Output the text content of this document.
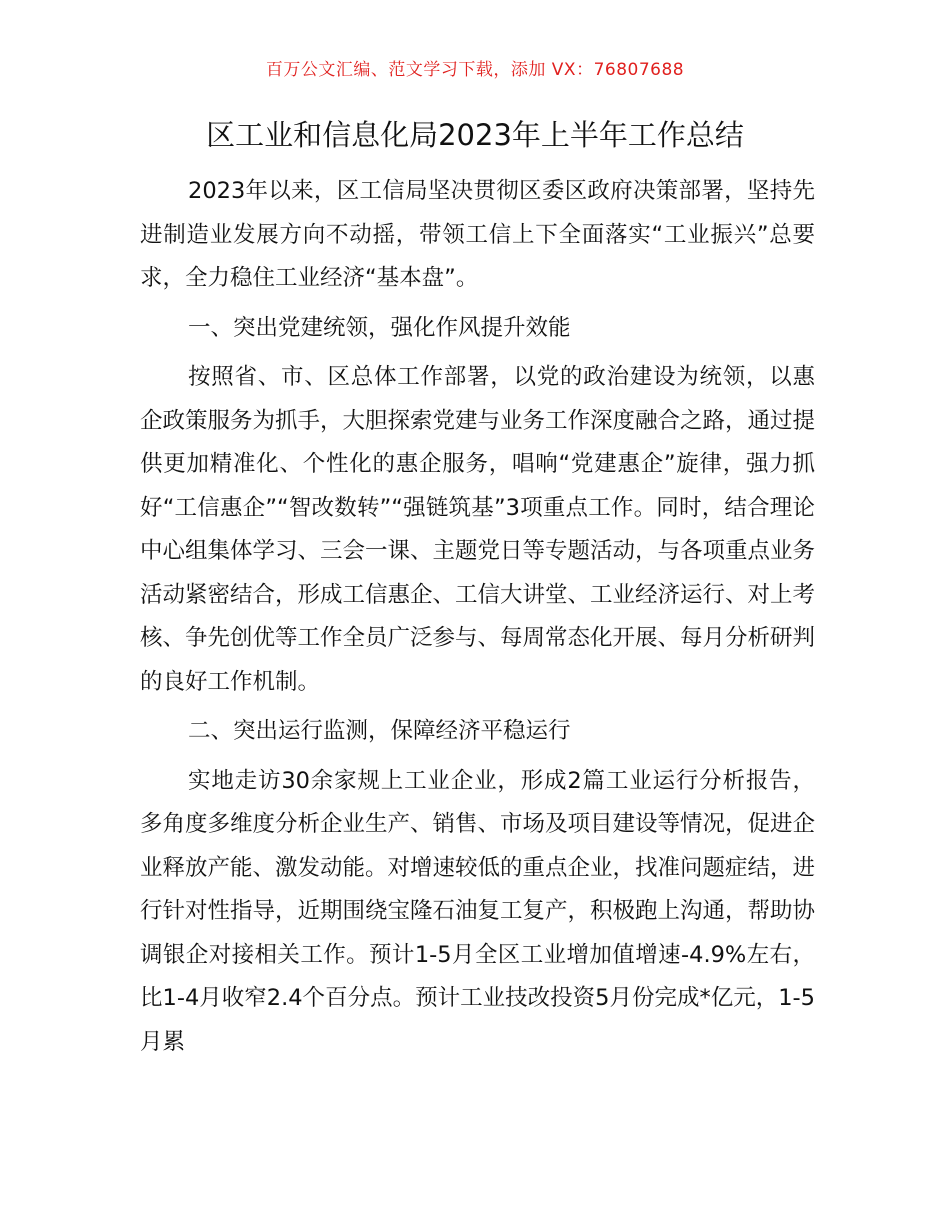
百万公文汇编、范文学习下载，添加 VX：76807688
区工业和信息化局2023年上半年工作总结

2023年以来，区工信局坚决贯彻区委区政府决策部署，坚持先进制造业发展方向不动摇，带领工信上下全面落实“工业振兴”总要求，全力稳住工业经济“基本盘”。

一、突出党建统领，强化作风提升效能

按照省、市、区总体工作部署，以党的政治建设为统领，以惠企政策服务为抓手，大胆探索党建与业务工作深度融合之路，通过提供更加精准化、个性化的惠企服务，唱响“党建惠企”旋律，强力抓好“工信惠企”“智改数转”“强链筑基”3项重点工作。同时，结合理论中心组集体学习、三会一课、主题党日等专题活动，与各项重点业务活动紧密结合，形成工信惠企、工信大讲堂、工业经济运行、对上考核、争先创优等工作全员广泛参与、每周常态化开展、每月分析研判的良好工作机制。

二、突出运行监测，保障经济平稳运行

实地走访30余家规上工业企业，形成2篇工业运行分析报告，多角度多维度分析企业生产、销售、市场及项目建设等情况，促进企业释放产能、激发动能。对增速较低的重点企业，找准问题症结，进行针对性指导，近期围绕宝隆石油复工复产，积极跑上沟通，帮助协调银企对接相关工作。预计1-5月全区工业增加值增速-4.9%左右，比1-4月收窄2.4个百分点。预计工业技改投资5月份完成*亿元，1-5月累
